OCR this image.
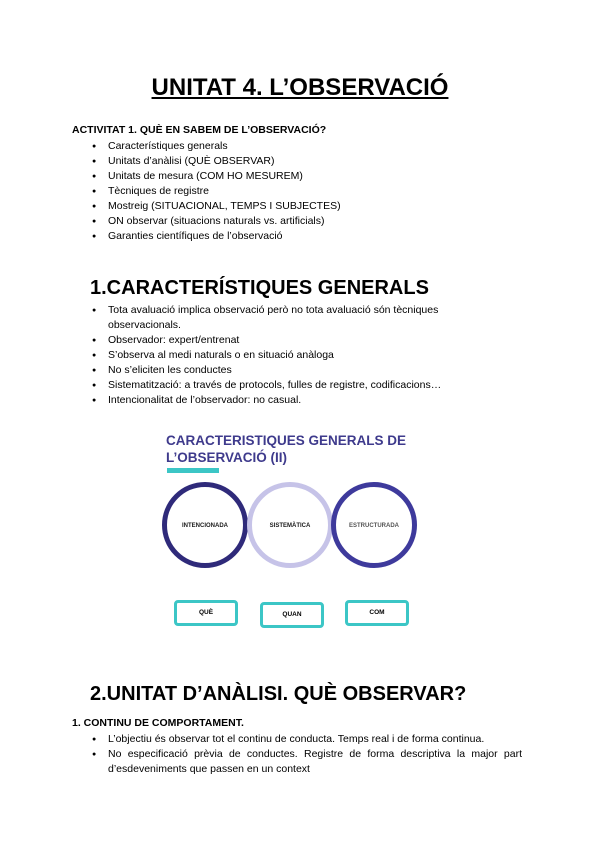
UNITAT 4. L’OBSERVACIÓ
ACTIVITAT 1. QUÈ EN SABEM DE L’OBSERVACIÓ?
● Característiques generals
● Unitats d’anàlisi (QUÈ OBSERVAR)
● Unitats de mesura (COM HO MESUREM)
● Tècniques de registre
● Mostreig (SITUACIONAL, TEMPS I SUBJECTES)
● ON observar (situacions naturals vs. artificials)
● Garanties científiques de l’observació
1.CARACTERÍSTIQUES GENERALS
● Tota avaluació implica observació però no tota avaluació són tècniques observacionals.
● Observador: expert/entrenat
● S’observa al medi naturals o en situació anàloga
● No s’eliciten les conductes
● Sistematització: a través de protocols, fulles de registre, codificacions…
● Intencionalitat de l’observador: no casual.
CARACTERISTIQUES GENERALS DE
L’OBSERVACIÓ (II)
INTENCIONADA	SISTEMÀTICA	ESTRUCTURADA
QUÈ	QUAN	COM
2.UNITAT D’ANÀLISI. QUÈ OBSERVAR?
1. CONTINU DE COMPORTAMENT.
● L’objectiu és observar tot el continu de conducta. Temps real i de forma continua.
● No especificació prèvia de conductes. Registre de forma descriptiva la major part d’esdeveniments que passen en un context
